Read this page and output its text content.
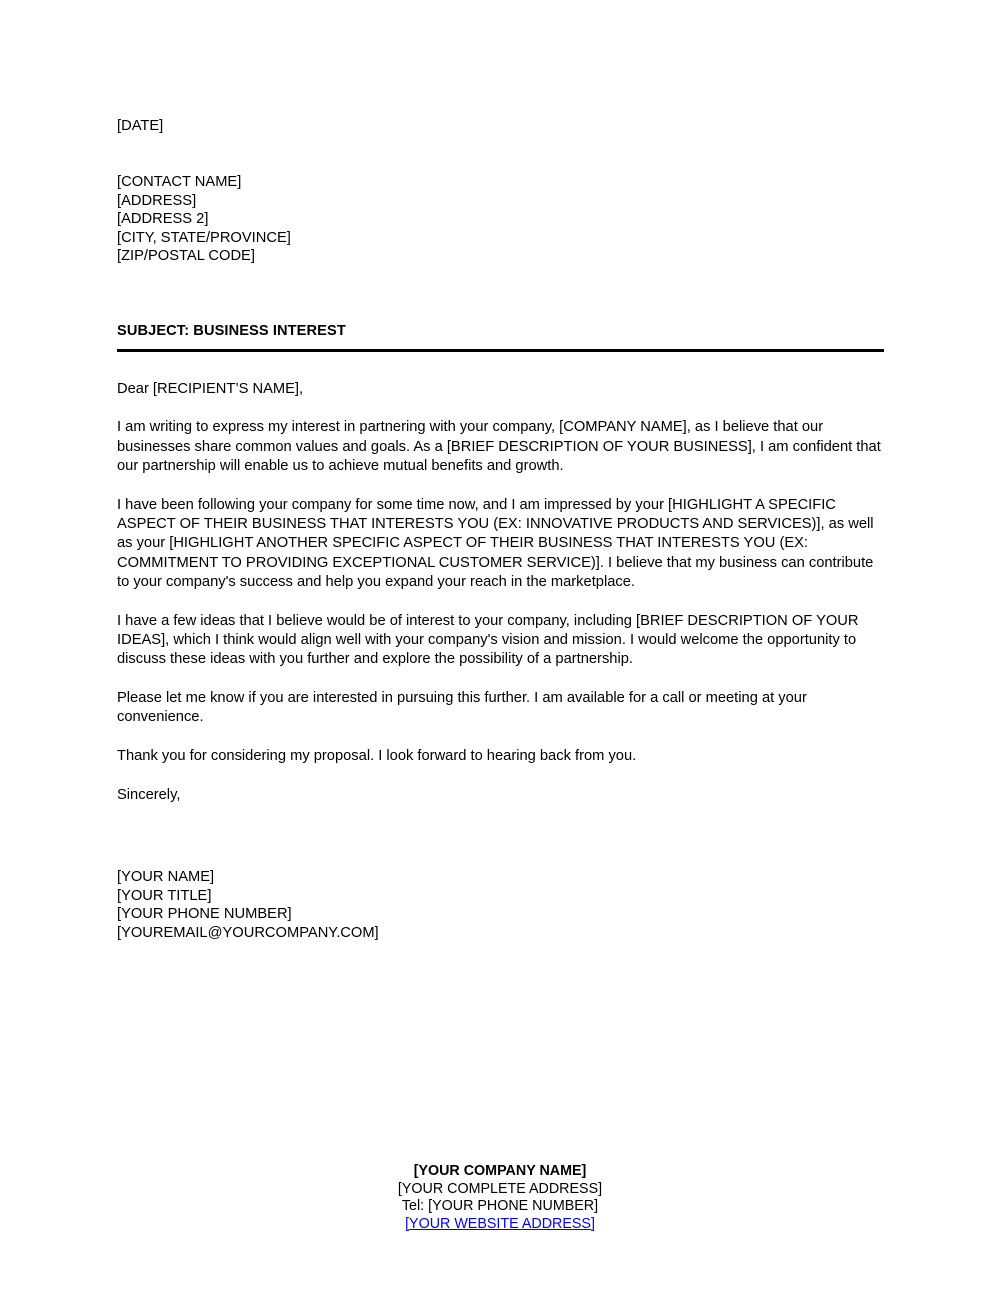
[DATE]
[CONTACT NAME]
[ADDRESS]
[ADDRESS 2]
[CITY, STATE/PROVINCE]
[ZIP/POSTAL CODE]
SUBJECT: BUSINESS INTEREST

Dear [RECIPIENT’S NAME],

I am writing to express my interest in partnering with your company, [COMPANY NAME], as I believe that our businesses share common values and goals. As a [BRIEF DESCRIPTION OF YOUR BUSINESS], I am confident that our partnership will enable us to achieve mutual benefits and growth.

I have been following your company for some time now, and I am impressed by your [HIGHLIGHT A SPECIFIC ASPECT OF THEIR BUSINESS THAT INTERESTS YOU (EX: INNOVATIVE PRODUCTS AND SERVICES)], as well as your [HIGHLIGHT ANOTHER SPECIFIC ASPECT OF THEIR BUSINESS THAT INTERESTS YOU (EX: COMMITMENT TO PROVIDING EXCEPTIONAL CUSTOMER SERVICE)]. I believe that my business can contribute to your company's success and help you expand your reach in the marketplace.

I have a few ideas that I believe would be of interest to your company, including [BRIEF DESCRIPTION OF YOUR IDEAS], which I think would align well with your company's vision and mission. I would welcome the opportunity to discuss these ideas with you further and explore the possibility of a partnership.

Please let me know if you are interested in pursuing this further. I am available for a call or meeting at your convenience.

Thank you for considering my proposal. I look forward to hearing back from you.

Sincerely,

[YOUR NAME]
[YOUR TITLE]
[YOUR PHONE NUMBER]
[YOUREMAIL@YOURCOMPANY.COM]
[YOUR COMPANY NAME]
[YOUR COMPLETE ADDRESS]
Tel: [YOUR PHONE NUMBER]
[YOUR WEBSITE ADDRESS]
